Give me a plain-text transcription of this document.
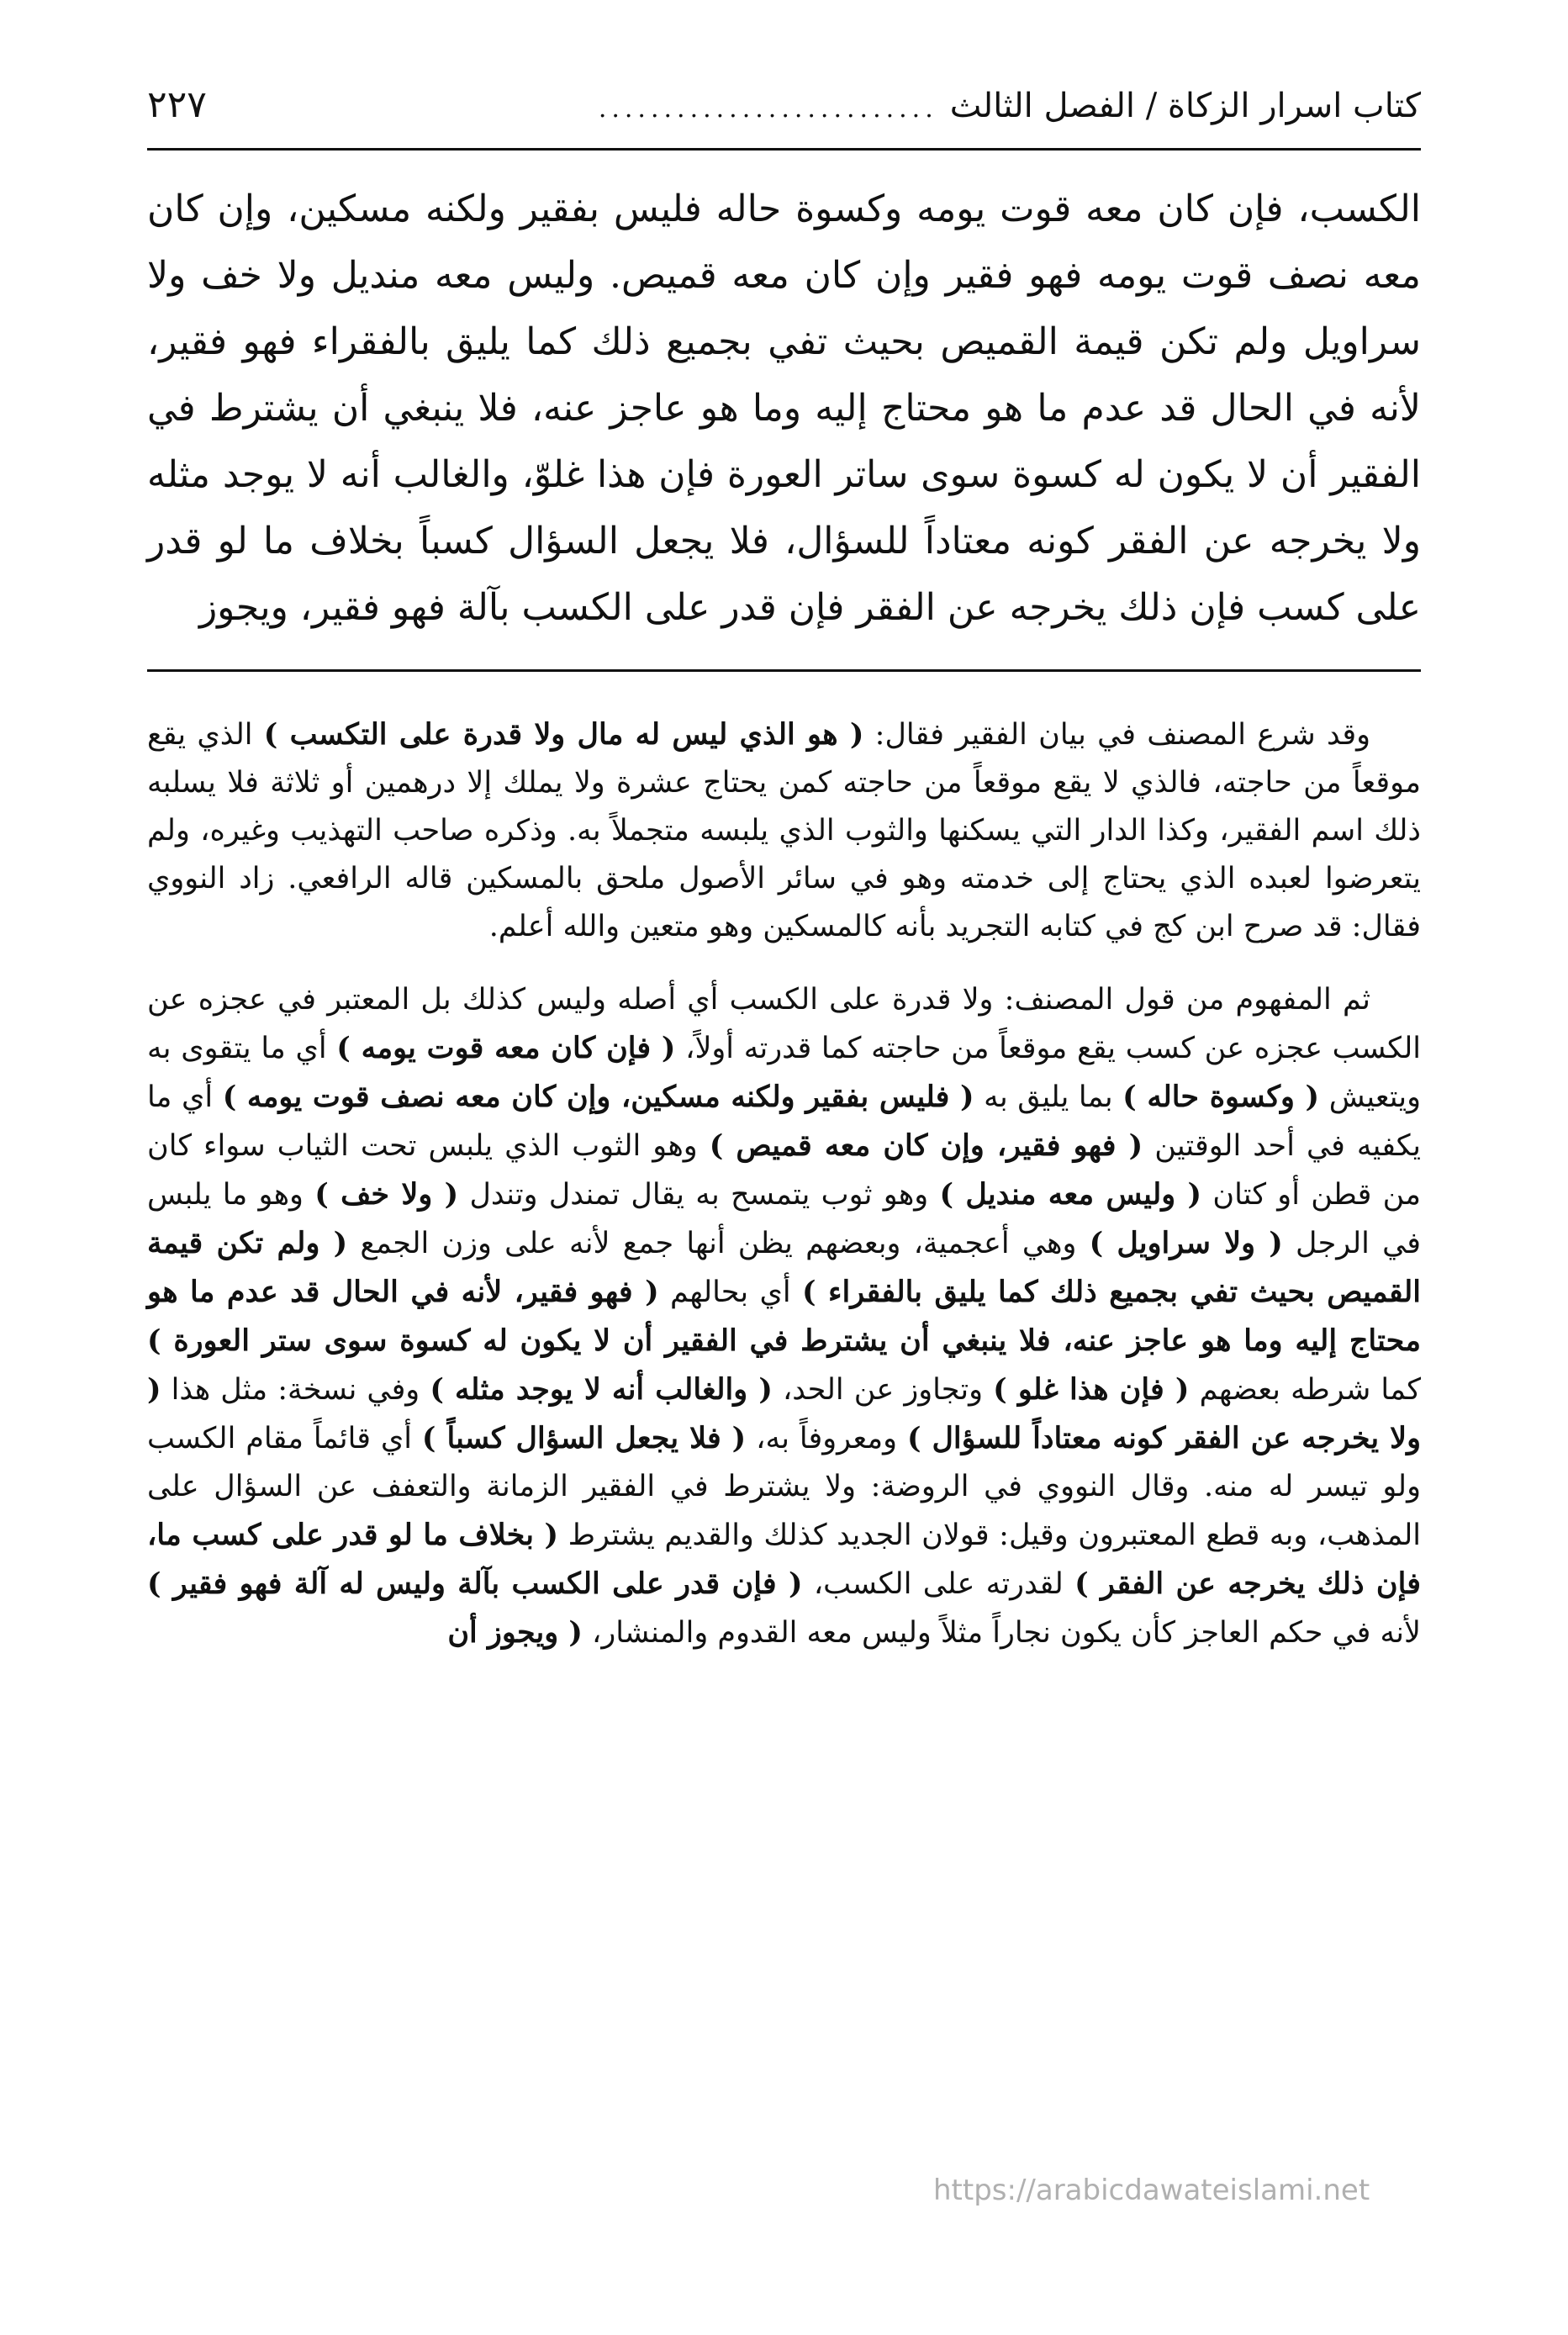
كتاب اسرار الزكاة / الفصل الثالث
..........................
٢٢٧

الكسب، فإن كان معه قوت يومه وكسوة حاله فليس بفقير ولكنه مسكين، وإن كان معه نصف قوت يومه فهو فقير وإن كان معه قميص. وليس معه منديل ولا خف ولا سراويل ولم تكن قيمة القميص بحيث تفي بجميع ذلك كما يليق بالفقراء فهو فقير، لأنه في الحال قد عدم ما هو محتاج إليه وما هو عاجز عنه، فلا ينبغي أن يشترط في الفقير أن لا يكون له كسوة سوى ساتر العورة فإن هذا غلوّ، والغالب أنه لا يوجد مثله ولا يخرجه عن الفقر كونه معتاداً للسؤال، فلا يجعل السؤال كسباً بخلاف ما لو قدر على كسب فإن ذلك يخرجه عن الفقر فإن قدر على الكسب بآلة فهو فقير، ويجوز

وقد شرع المصنف في بيان الفقير فقال: ( هو الذي ليس له مال ولا قدرة على التكسب ) الذي يقع موقعاً من حاجته، فالذي لا يقع موقعاً من حاجته كمن يحتاج عشرة ولا يملك إلا درهمين أو ثلاثة فلا يسلبه ذلك اسم الفقير، وكذا الدار التي يسكنها والثوب الذي يلبسه متجملاً به. وذكره صاحب التهذيب وغيره، ولم يتعرضوا لعبده الذي يحتاج إلى خدمته وهو في سائر الأصول ملحق بالمسكين قاله الرافعي. زاد النووي فقال: قد صرح ابن كج في كتابه التجريد بأنه كالمسكين وهو متعين والله أعلم.

ثم المفهوم من قول المصنف: ولا قدرة على الكسب أي أصله وليس كذلك بل المعتبر في عجزه عن الكسب عجزه عن كسب يقع موقعاً من حاجته كما قدرته أولاً، ( فإن كان معه قوت يومه ) أي ما يتقوى به ويتعيش ( وكسوة حاله ) بما يليق به ( فليس بفقير ولكنه مسكين، وإن كان معه نصف قوت يومه ) أي ما يكفيه في أحد الوقتين ( فهو فقير، وإن كان معه قميص ) وهو الثوب الذي يلبس تحت الثياب سواء كان من قطن أو كتان ( وليس معه منديل ) وهو ثوب يتمسح به يقال تمندل وتندل ( ولا خف ) وهو ما يلبس في الرجل ( ولا سراويل ) وهي أعجمية، وبعضهم يظن أنها جمع لأنه على وزن الجمع ( ولم تكن قيمة القميص بحيث تفي بجميع ذلك كما يليق بالفقراء ) أي بحالهم ( فهو فقير، لأنه في الحال قد عدم ما هو محتاج إليه وما هو عاجز عنه، فلا ينبغي أن يشترط في الفقير أن لا يكون له كسوة سوى ستر العورة ) كما شرطه بعضهم ( فإن هذا غلو ) وتجاوز عن الحد، ( والغالب أنه لا يوجد مثله ) وفي نسخة: مثل هذا ( ولا يخرجه عن الفقر كونه معتاداً للسؤال ) ومعروفاً به، ( فلا يجعل السؤال كسباً ) أي قائماً مقام الكسب ولو تيسر له منه. وقال النووي في الروضة: ولا يشترط في الفقير الزمانة والتعفف عن السؤال على المذهب، وبه قطع المعتبرون وقيل: قولان الجديد كذلك والقديم يشترط ( بخلاف ما لو قدر على كسب ما، فإن ذلك يخرجه عن الفقر ) لقدرته على الكسب، ( فإن قدر على الكسب بآلة وليس له آلة فهو فقير ) لأنه في حكم العاجز كأن يكون نجاراً مثلاً وليس معه القدوم والمنشار، ( ويجوز أن

https://arabicdawateislami.net
